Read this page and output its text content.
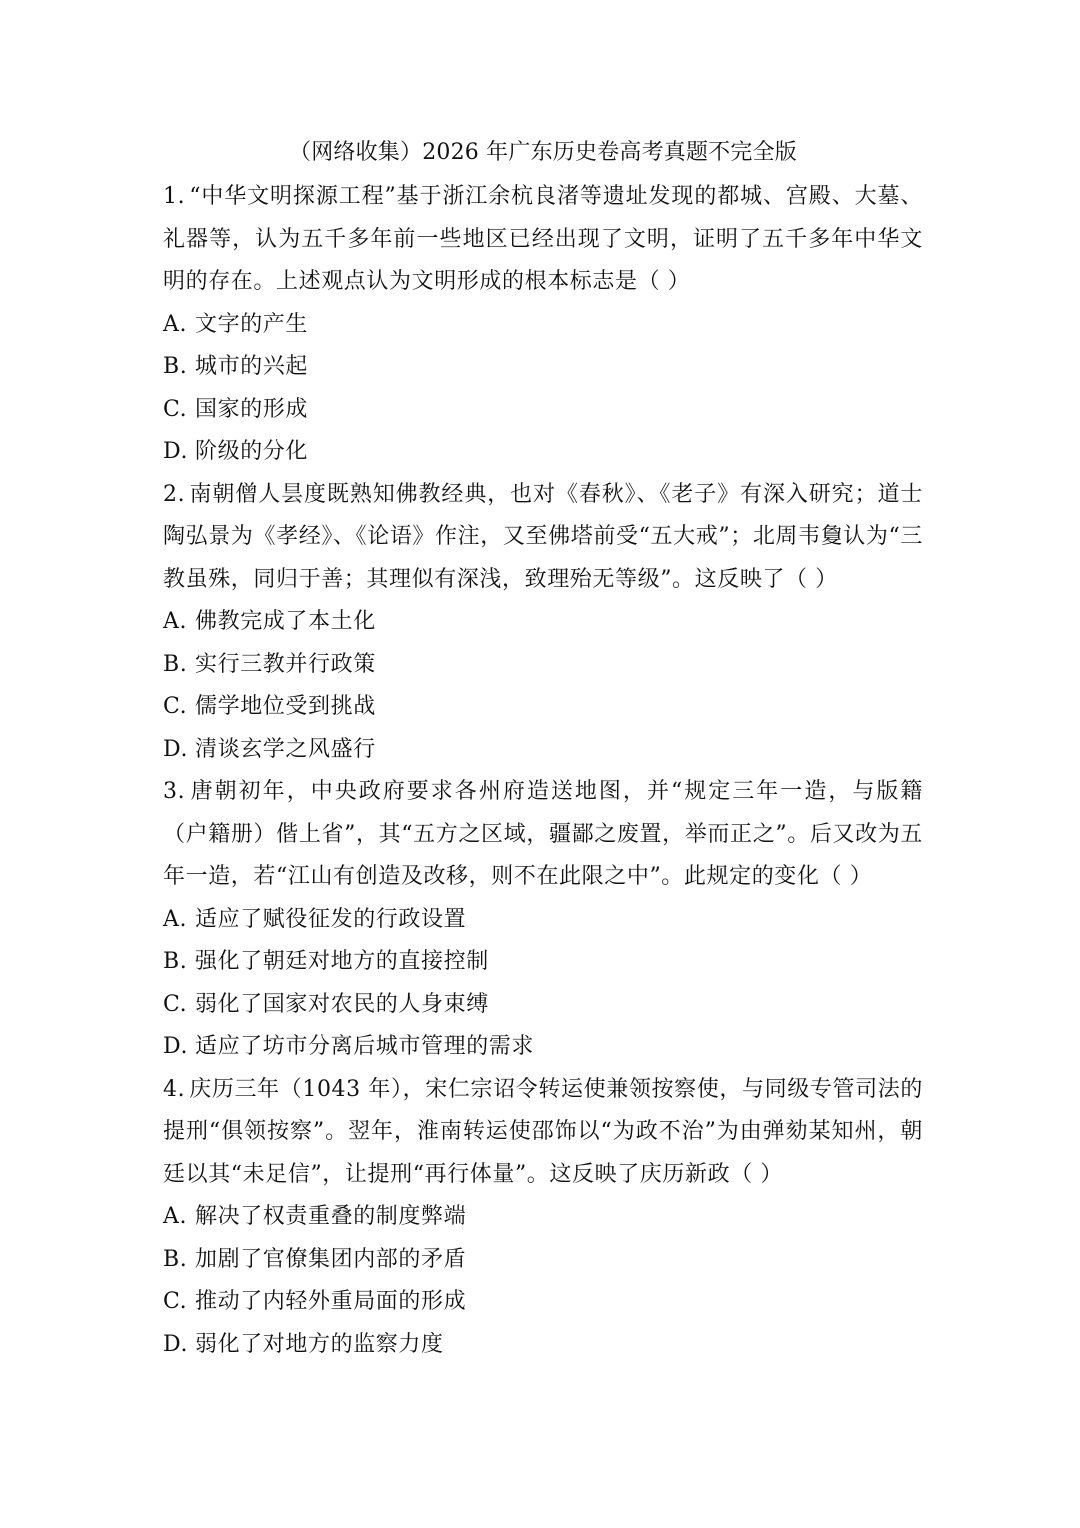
（网络收集）2026 年广东历史卷高考真题不完全版

1. “中华文明探源工程”基于浙江余杭良渚等遗址发现的都城、宫殿、大墓、礼器等，认为五千多年前一些地区已经出现了文明，证明了五千多年中华文明的存在。上述观点认为文明形成的根本标志是（ ）

A. 文字的产生

B. 城市的兴起

C. 国家的形成

D. 阶级的分化

2. 南朝僧人昙度既熟知佛教经典，也对《春秋》、《老子》有深入研究；道士陶弘景为《孝经》、《论语》作注，又至佛塔前受“五大戒”；北周韦敻认为“三教虽殊，同归于善；其理似有深浅，致理殆无等级”。这反映了（ ）

A. 佛教完成了本土化

B. 实行三教并行政策

C. 儒学地位受到挑战

D. 清谈玄学之风盛行

3. 唐朝初年，中央政府要求各州府造送地图，并“规定三年一造，与版籍（户籍册）偕上省”，其“五方之区域，疆鄙之废置，举而正之”。后又改为五年一造，若“江山有创造及改移，则不在此限之中”。此规定的变化（ ）

A. 适应了赋役征发的行政设置

B. 强化了朝廷对地方的直接控制

C. 弱化了国家对农民的人身束缚

D. 适应了坊市分离后城市管理的需求

4. 庆历三年（1043 年），宋仁宗诏令转运使兼领按察使，与同级专管司法的提刑“俱领按察”。翌年，淮南转运使邵饰以“为政不治”为由弹劾某知州，朝廷以其“未足信”，让提刑“再行体量”。这反映了庆历新政（ ）

A. 解决了权责重叠的制度弊端

B. 加剧了官僚集团内部的矛盾

C. 推动了内轻外重局面的形成

D. 弱化了对地方的监察力度
